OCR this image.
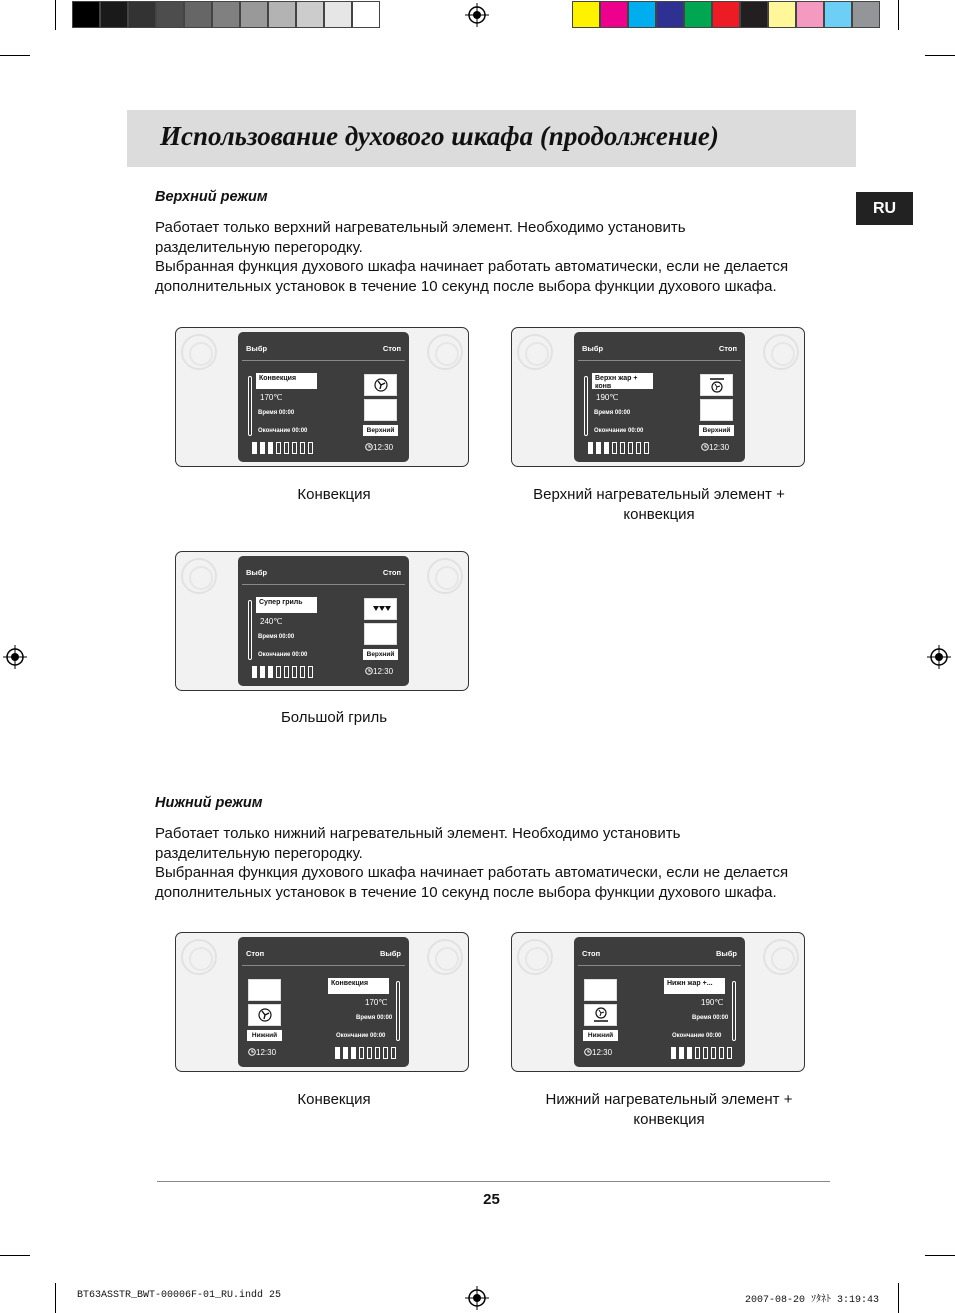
Использование духового шкафа (продолжение)
RU
Верхний режим

Работает только верхний нагревательный элемент. Необходимо установить разделительную перегородку.

Выбранная функция духового шкафа начинает работать автоматически, если не делается дополнительных установок в течение 10 секунд после выбора функции духового шкафа.

Выбр	Стоп
Конвекция
170℃
Время 00:00
Окончание 00:00	Верхний
12:30
Выбр	Стоп
Верхн жар + конв
190℃
Время 00:00
Окончание 00:00	Верхний
12:30
Выбр	Стоп
Супер гриль
240℃
Время 00:00
Окончание 00:00	Верхний
12:30
Конвекция	Верхний нагревательный элемент + конвекция
Большой гриль
Стоп	Выбр
Конвекция
170℃
Время 00:00
Окончание 00:00
Нижний
12:30
Стоп	Выбр
Нижн жар +...
190℃
Время 00:00
Окончание 00:00
Нижний
12:30
Конвекция	Нижний нагревательный элемент + конвекция
25
Нижний режим

Работает только нижний нагревательный элемент. Необходимо установить разделительную перегородку.

Выбранная функция духового шкафа начинает работать автоматически, если не делается дополнительных установок в течение 10 секунд после выбора функции духового шкафа.

BT63ASSTR_BWT-00006F-01_RU.indd 25	2007-08-20 ｿﾀﾈﾄ 3:19:43
